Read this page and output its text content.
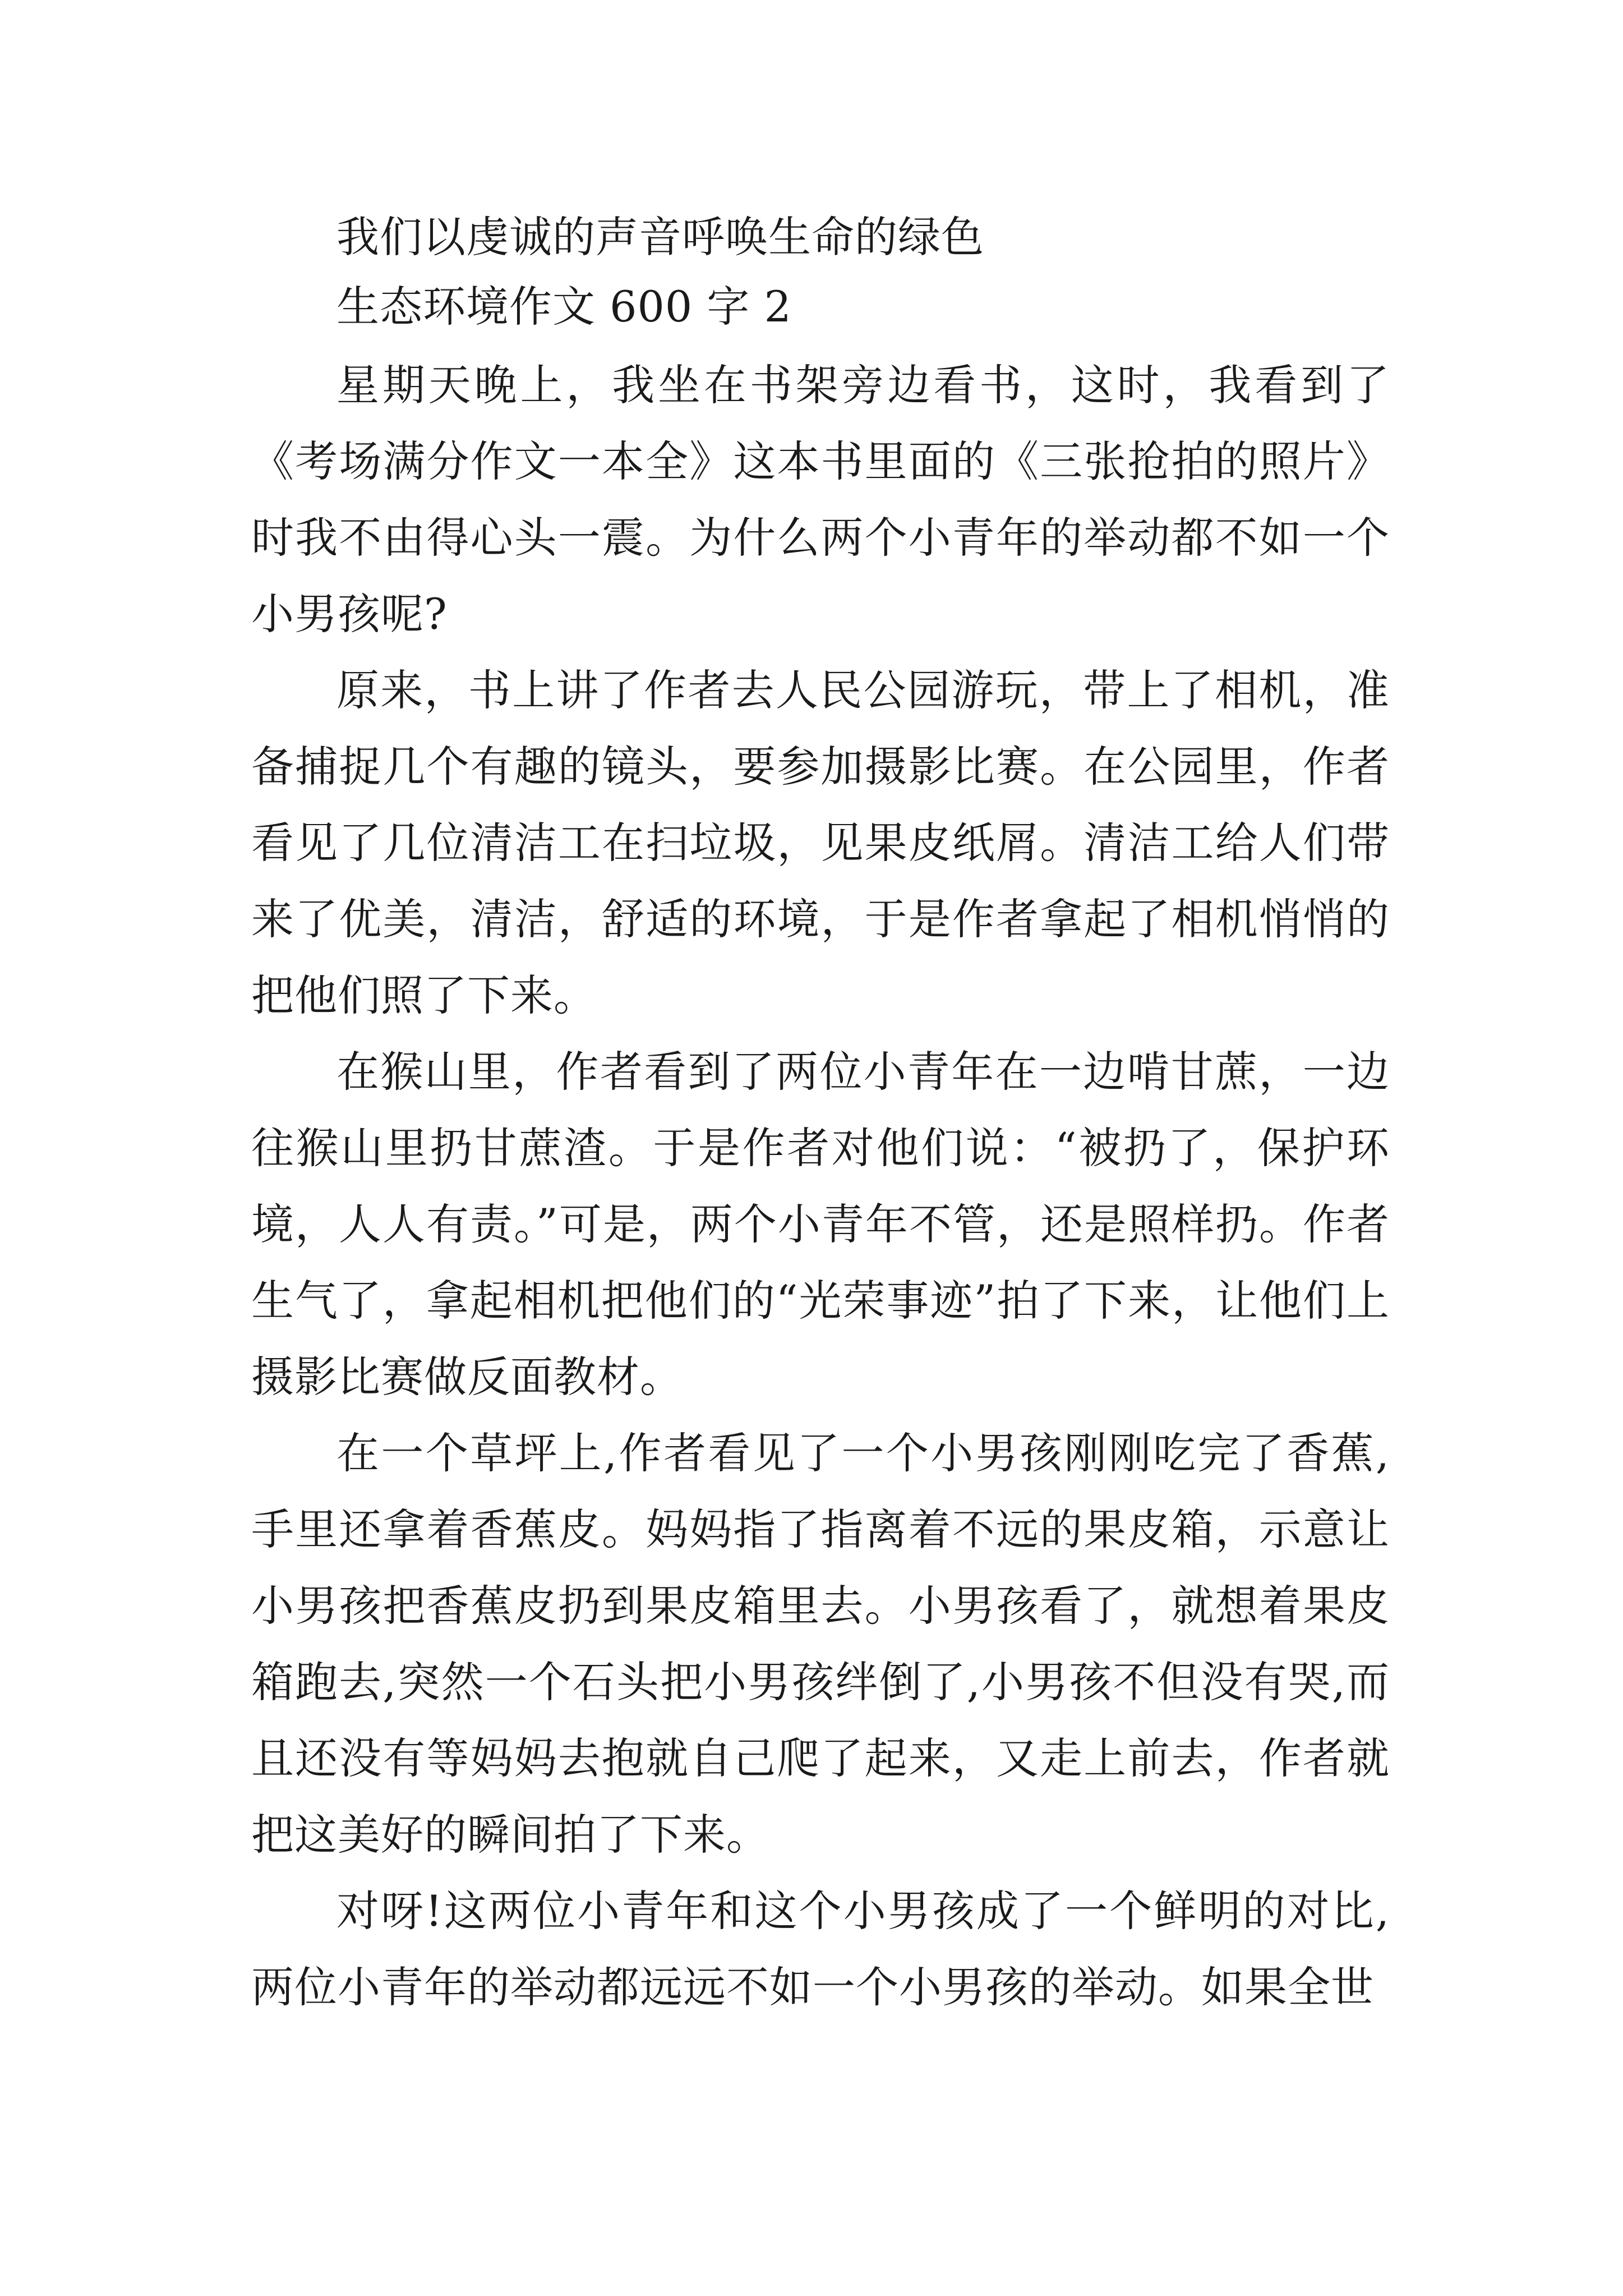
我们以虔诚的声音呼唤生命的绿色
生态环境作文 600 字 2
星期天晚上，我坐在书架旁边看书，这时，我看到了《考场满分作文一本全》这本书里面的《三张抢拍的照片》时我不由得心头一震。为什么两个小青年的举动都不如一个小男孩呢?
原来，书上讲了作者去人民公园游玩，带上了相机，准备捕捉几个有趣的镜头，要参加摄影比赛。在公园里，作者看见了几位清洁工在扫垃圾，见果皮纸屑。清洁工给人们带来了优美，清洁，舒适的环境，于是作者拿起了相机悄悄的把他们照了下来。
在猴山里，作者看到了两位小青年在一边啃甘蔗，一边往猴山里扔甘蔗渣。于是作者对他们说：“被扔了，保护环境，人人有责。”可是，两个小青年不管，还是照样扔。作者生气了，拿起相机把他们的“光荣事迹”拍了下来，让他们上摄影比赛做反面教材。
在一个草坪上,作者看见了一个小男孩刚刚吃完了香蕉,手里还拿着香蕉皮。妈妈指了指离着不远的果皮箱，示意让小男孩把香蕉皮扔到果皮箱里去。小男孩看了，就想着果皮箱跑去,突然一个石头把小男孩绊倒了,小男孩不但没有哭,而且还没有等妈妈去抱就自己爬了起来，又走上前去，作者就把这美好的瞬间拍了下来。
对呀!这两位小青年和这个小男孩成了一个鲜明的对比,两位小青年的举动都远远不如一个小男孩的举动。如果全世
